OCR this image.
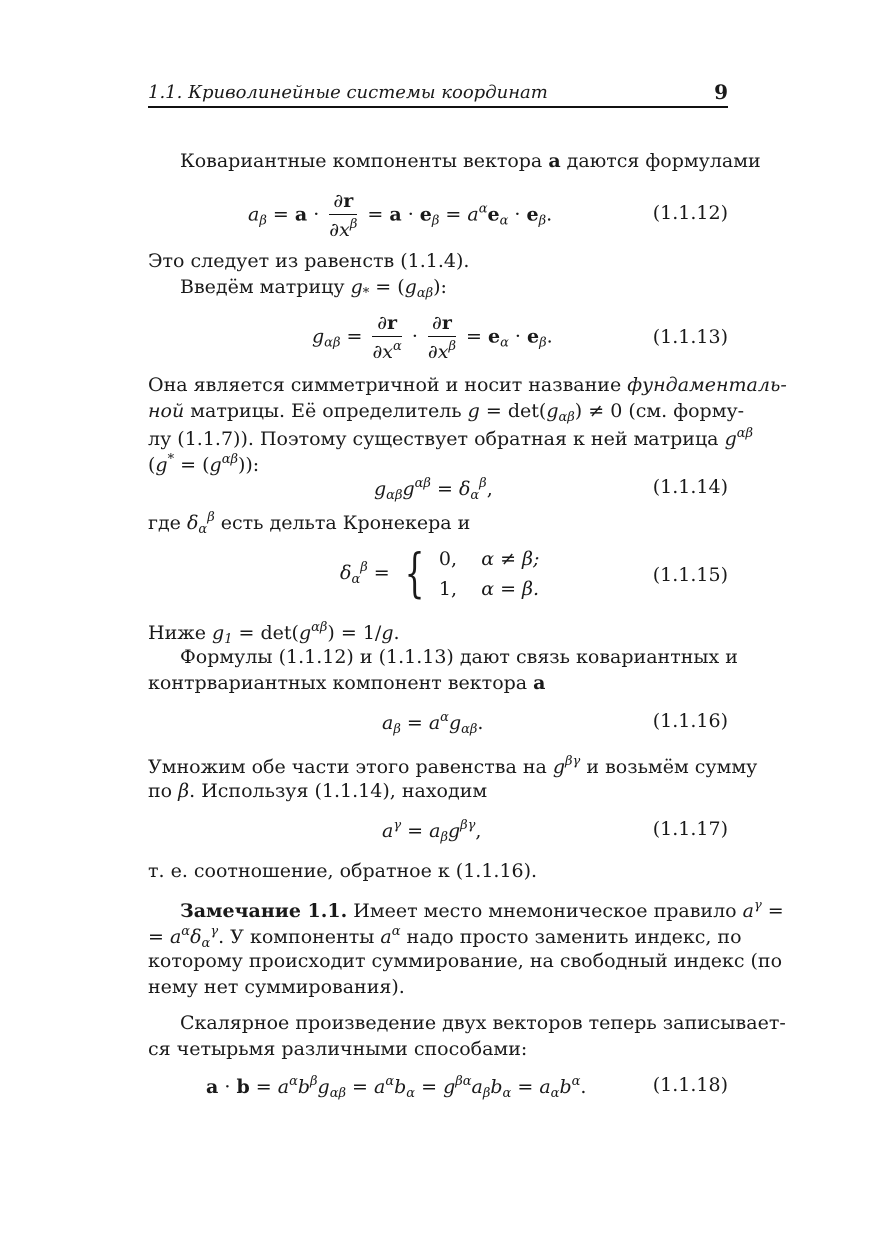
1.1. Криволинейные системы координат	9
Ковариантные компоненты вектора a даются формулами
$a_\beta = a \cdot \frac{\partial r}{\partial x^\beta} = a \cdot e_\beta = a^\alpha e_\alpha \cdot e_\beta$.	(1.1.12)
Это следует из равенств (1.1.4).
Введём матрицу $g_* = (g_{\alpha\beta})$:
$g_{\alpha\beta} = \frac{\partial r}{\partial x^\alpha} \cdot \frac{\partial r}{\partial x^\beta} = e_\alpha \cdot e_\beta$.	(1.1.13)
Она является симметричной и носит название фундаменталь-
ной матрицы. Её определитель $g = \det(g_{\alpha\beta}) \ne 0$ (см. форму-
лу (1.1.7)). Поэтому существует обратная к ней матрица $g^{\alpha\beta}$
$(g^* = (g^{\alpha\beta}))$:
$g_{\alpha\beta}g^{\alpha\beta} = \delta_\alpha^\beta$,	(1.1.14)
где $\delta_\alpha^\beta$ есть дельта Кронекера и
$\delta_\alpha^\beta$ = { 0, α ≠ β;
1, α = β.
(1.1.15)
Ниже $g_1 = \det(g^{\alpha\beta}) = 1/g$.
Формулы (1.1.12) и (1.1.13) дают связь ковариантных и
контрвариантных компонент вектора a
$a_\beta = a^\alpha g_{\alpha\beta}$.	(1.1.16)
Умножим обе части этого равенства на $g^{\beta\gamma}$ и возьмём сумму
по β. Используя (1.1.14), находим
$a^\gamma = a_\beta g^{\beta\gamma}$,	(1.1.17)
т. е. соотношение, обратное к (1.1.16).
Замечание 1.1. Имеет место мнемоническое правило $a^\gamma$ =
= $a^\alpha\delta_\alpha^\gamma$. У компоненты $a^\alpha$ надо просто заменить индекс, по
которому происходит суммирование, на свободный индекс (по
нему нет суммирования).
Скалярное произведение двух векторов теперь записывает-
ся четырьмя различными способами:
$a \cdot b = a^\alpha b^\beta g_{\alpha\beta} = a^\alpha b_\alpha = g^{\beta\alpha}a_\beta b_\alpha = a_\alpha b^\alpha$.	(1.1.18)
